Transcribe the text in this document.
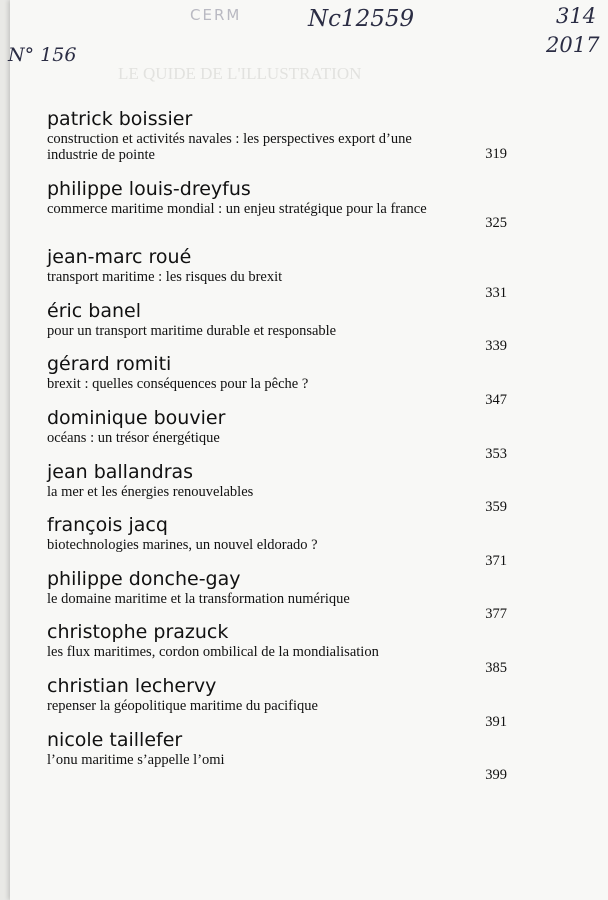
LE QUIDE DE L'ILLUSTRATION
CERM
N° 156
Nc12559	314
2017
patrick boissier
construction et activités navales : les perspectives export d’une industrie de pointe	319
philippe louis-dreyfus
commerce maritime mondial : un enjeu stratégique pour la france
325
jean-marc roué
transport maritime : les risques du brexit
331
éric banel
pour un transport maritime durable et responsable
339
gérard romiti
brexit : quelles conséquences pour la pêche ?
347
dominique bouvier
océans : un trésor énergétique
353
jean ballandras
la mer et les énergies renouvelables
359
françois jacq
biotechnologies marines, un nouvel eldorado ?
371
philippe donche-gay
le domaine maritime et la transformation numérique
377
christophe prazuck
les flux maritimes, cordon ombilical de la mondialisation
385
christian lechervy
repenser la géopolitique maritime du pacifique
391
nicole taillefer
l’onu maritime s’appelle l’omi
399
